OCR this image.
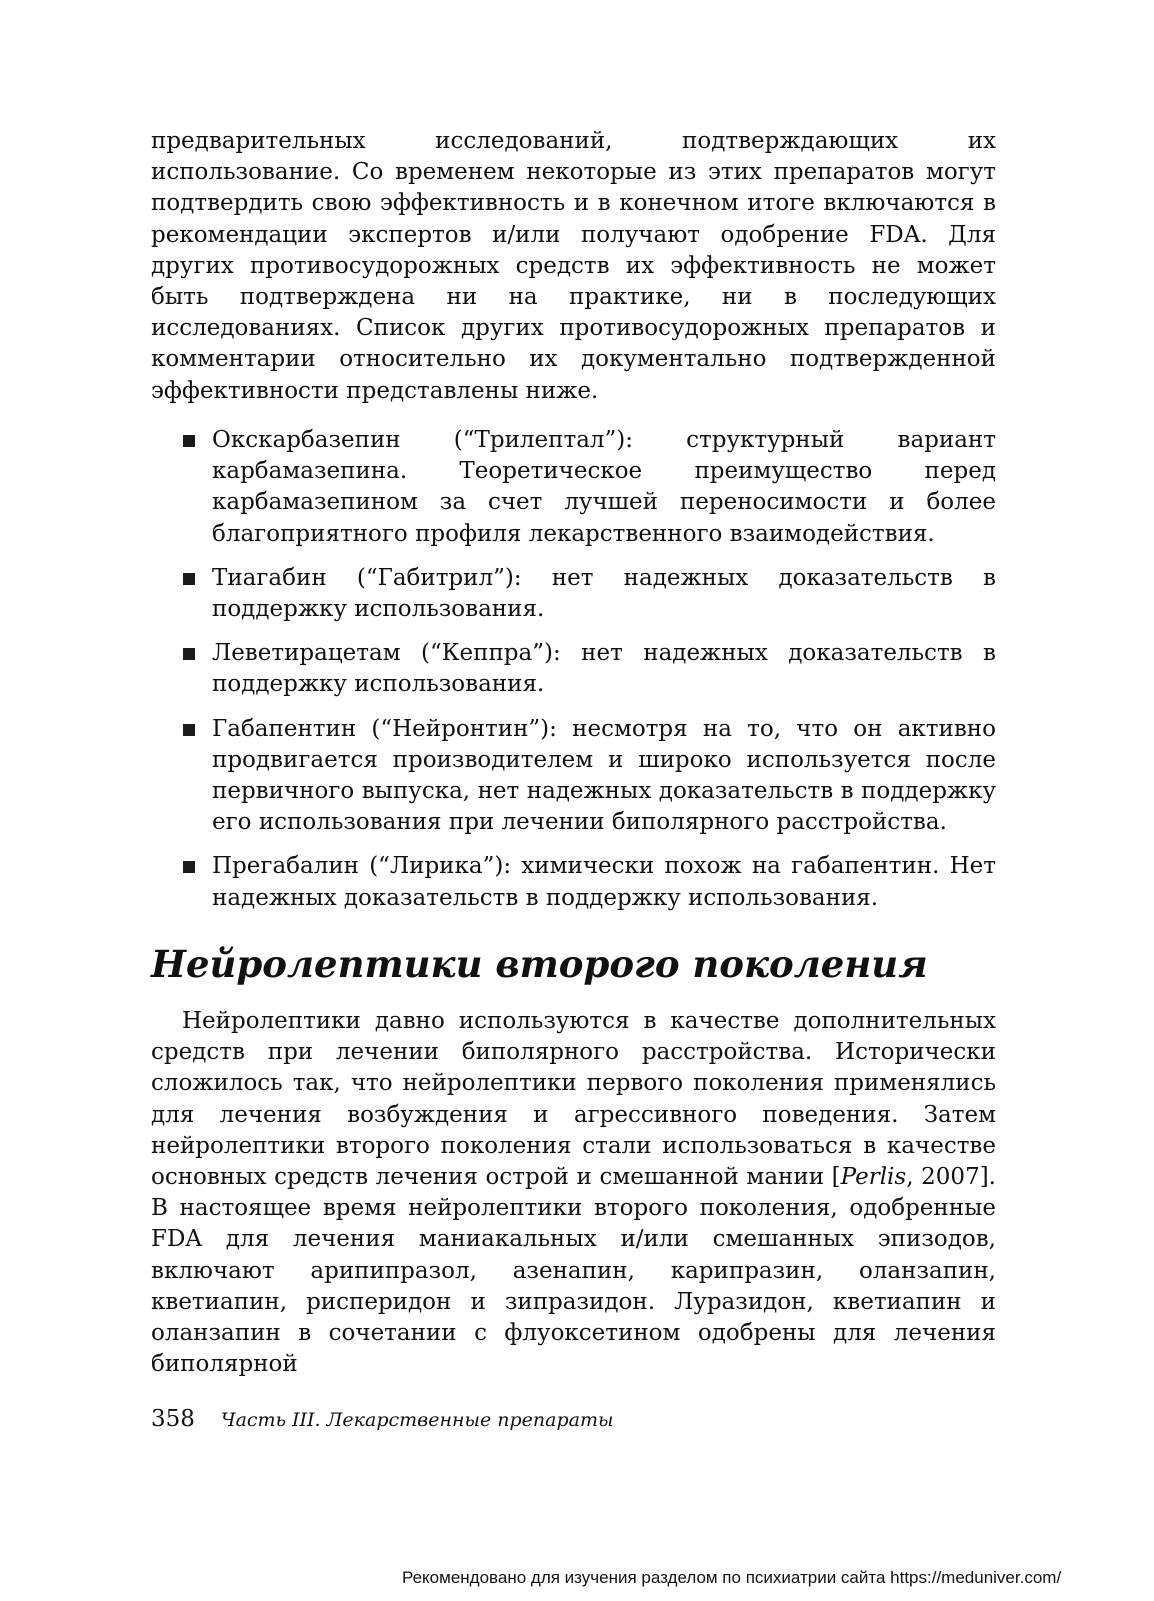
предварительных исследований, подтверждающих их использование. Со временем некоторые из этих препаратов могут подтвердить свою эффективность и в конечном итоге включаются в рекомендации экспертов и/или получают одобрение FDA. Для других противосудорожных средств их эффективность не может быть подтверждена ни на практике, ни в последующих исследованиях. Список других противосудорожных препаратов и комментарии относительно их документально подтвержденной эффективности представлены ниже.

Окскарбазепин (“Трилептал”): структурный вариант карбамазепина. Теоретическое преимущество перед карбамазепином за счет лучшей переносимости и более благоприятного профиля лекарственного взаимодействия.
Тиагабин (“Габитрил”): нет надежных доказательств в поддержку использования.
Леветирацетам (“Кеппра”): нет надежных доказательств в поддержку использования.
Габапентин (“Нейронтин”): несмотря на то, что он активно продвигается производителем и широко используется после первичного выпуска, нет надежных доказательств в поддержку его использования при лечении биполярного расстройства.
Прегабалин (“Лирика”): химически похож на габапентин. Нет надежных доказательств в поддержку использования.
Нейролептики второго поколения

Нейролептики давно используются в качестве дополнительных средств при лечении биполярного расстройства. Исторически сложилось так, что нейролептики первого поколения применялись для лечения возбуждения и агрессивного поведения. Затем нейролептики второго поколения стали использоваться в качестве основных средств лечения острой и смешанной мании [Perlis, 2007]. В настоящее время нейролептики второго поколения, одобренные FDA для лечения маниакальных и/или смешанных эпизодов, включают арипипразол, азенапин, карипразин, оланзапин, кветиапин, рисперидон и зипразидон. Луразидон, кветиапин и оланзапин в сочетании с флуоксетином одобрены для лечения биполярной

358 Часть III. Лекарственные препараты
Рекомендовано для изучения разделом по психиатрии сайта https://meduniver.com/
